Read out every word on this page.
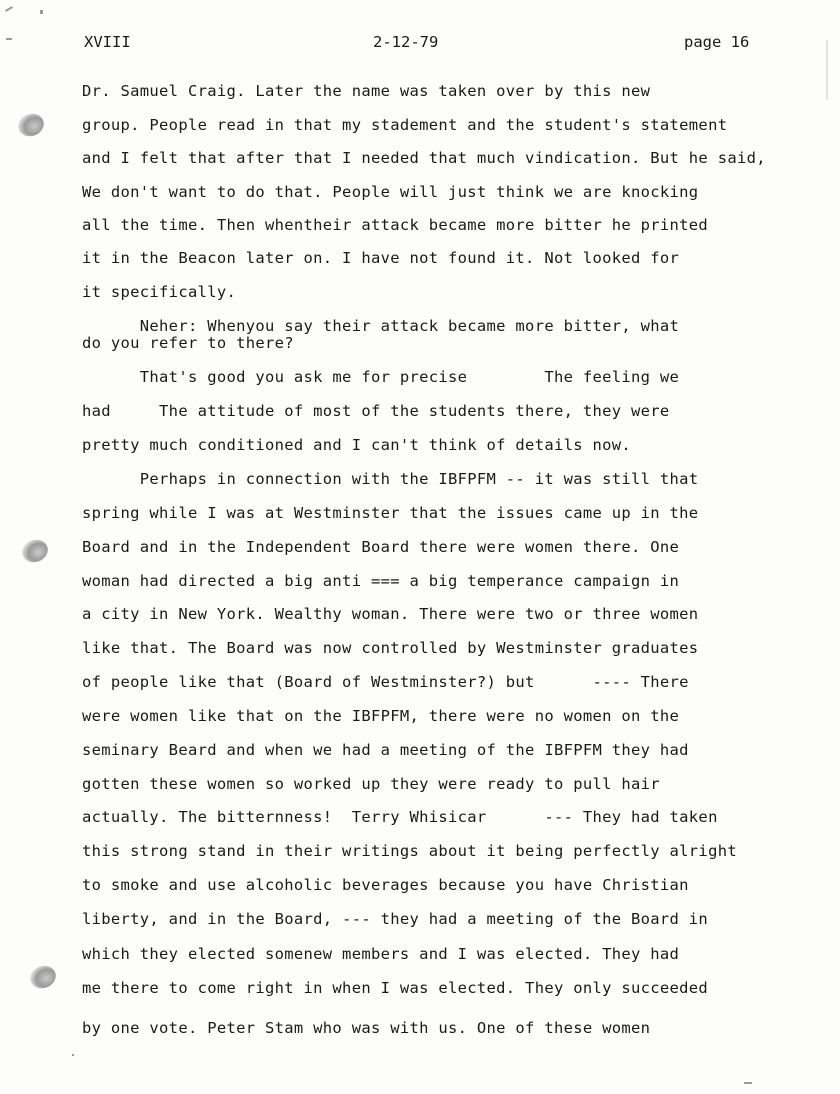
XVIII	2-12-79	page 16
Dr. Samuel Craig. Later the name was taken over by this new
group. People read in that my stadement and the student's statement
and I felt that after that I needed that much vindication. But he said,
We don't want to do that. People will just think we are knocking
all the time. Then whentheir attack became more bitter he printed
it in the Beacon later on. I have not found it. Not looked for
it specifically.
Neher: Whenyou say their attack became more bitter, what
do you refer to there?
That's good you ask me for precise        The feeling we
had     The attitude of most of the students there, they were
pretty much conditioned and I can't think of details now.
Perhaps in connection with the IBFPFM -- it was still that
spring while I was at Westminster that the issues came up in the
Board and in the Independent Board there were women there. One
woman had directed a big anti === a big temperance campaign in
a city in New York. Wealthy woman. There were two or three women
like that. The Board was now controlled by Westminster graduates
of people like that (Board of Westminster?) but      ---- There
were women like that on the IBFPFM, there were no women on the
seminary Beard and when we had a meeting of the IBFPFM they had
gotten these women so worked up they were ready to pull hair
actually. The bitternness!  Terry Whisicar      --- They had taken
this strong stand in their writings about it being perfectly alright
to smoke and use alcoholic beverages because you have Christian
liberty, and in the Board, --- they had a meeting of the Board in
which they elected somenew members and I was elected. They had
me there to come right in when I was elected. They only succeeded
by one vote. Peter Stam who was with us. One of these women
